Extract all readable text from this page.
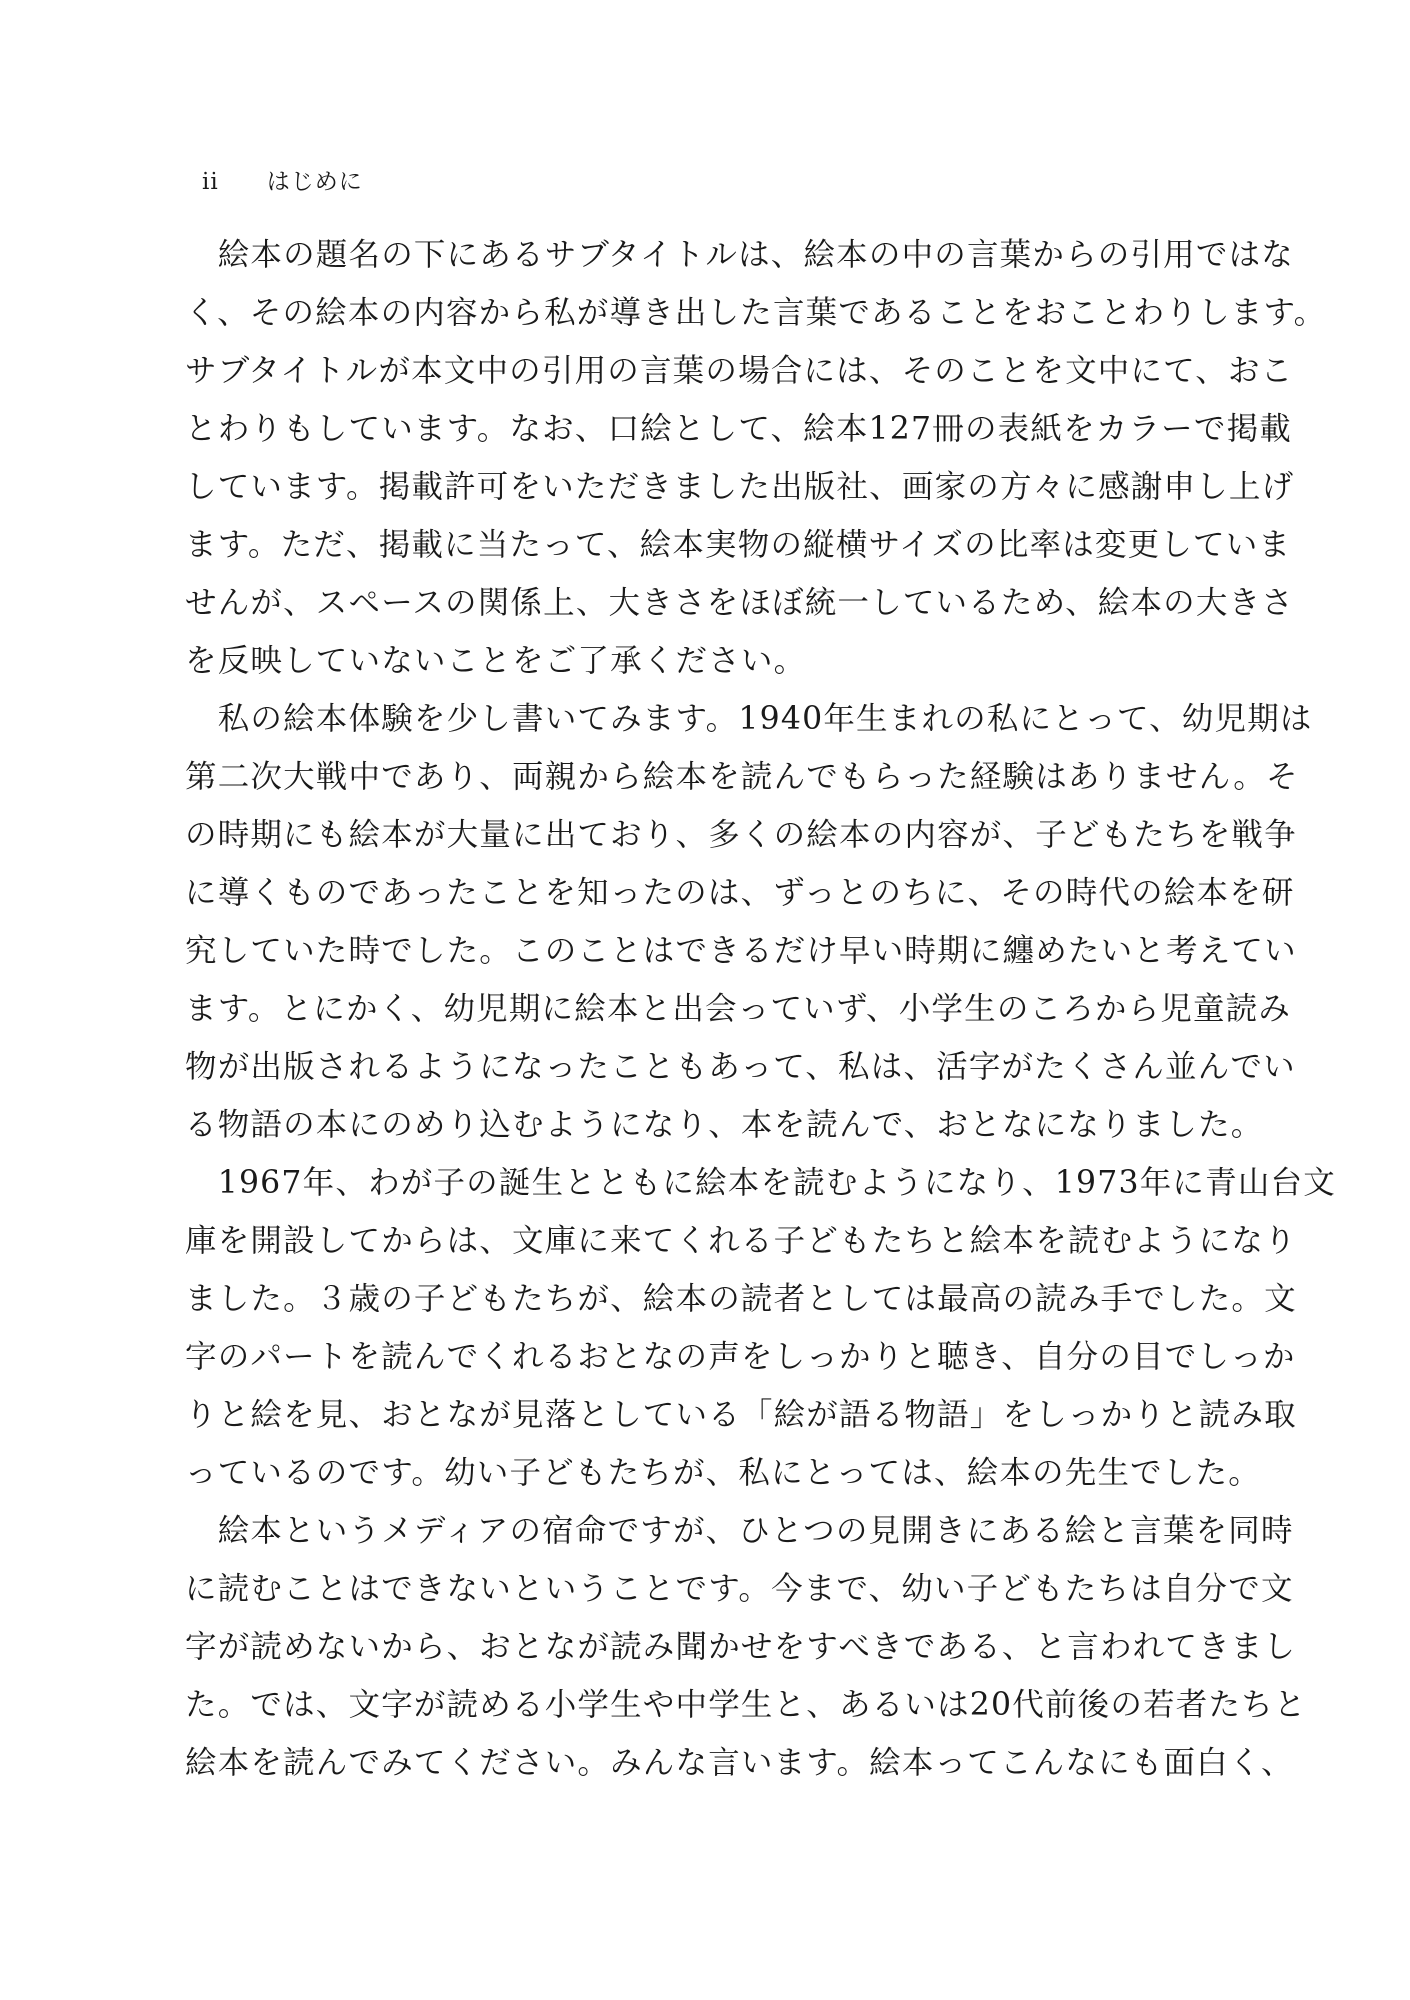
ii はじめに
　絵本の題名の下にあるサブタイトルは、絵本の中の言葉からの引用ではな
く、その絵本の内容から私が導き出した言葉であることをおことわりします。
サブタイトルが本文中の引用の言葉の場合には、そのことを文中にて、おこ
とわりもしています。なお、口絵として、絵本127冊の表紙をカラーで掲載
しています。掲載許可をいただきました出版社、画家の方々に感謝申し上げ
ます。ただ、掲載に当たって、絵本実物の縦横サイズの比率は変更していま
せんが、スペースの関係上、大きさをほぼ統一しているため、絵本の大きさ
を反映していないことをご了承ください。
　私の絵本体験を少し書いてみます。1940年生まれの私にとって、幼児期は
第二次大戦中であり、両親から絵本を読んでもらった経験はありません。そ
の時期にも絵本が大量に出ており、多くの絵本の内容が、子どもたちを戦争
に導くものであったことを知ったのは、ずっとのちに、その時代の絵本を研
究していた時でした。このことはできるだけ早い時期に纏めたいと考えてい
ます。とにかく、幼児期に絵本と出会っていず、小学生のころから児童読み
物が出版されるようになったこともあって、私は、活字がたくさん並んでい
る物語の本にのめり込むようになり、本を読んで、おとなになりました。
　1967年、わが子の誕生とともに絵本を読むようになり、1973年に青山台文
庫を開設してからは、文庫に来てくれる子どもたちと絵本を読むようになり
ました。３歳の子どもたちが、絵本の読者としては最高の読み手でした。文
字のパートを読んでくれるおとなの声をしっかりと聴き、自分の目でしっか
りと絵を見、おとなが見落としている「絵が語る物語」をしっかりと読み取
っているのです。幼い子どもたちが、私にとっては、絵本の先生でした。
　絵本というメディアの宿命ですが、ひとつの見開きにある絵と言葉を同時
に読むことはできないということです。今まで、幼い子どもたちは自分で文
字が読めないから、おとなが読み聞かせをすべきである、と言われてきまし
た。では、文字が読める小学生や中学生と、あるいは20代前後の若者たちと
絵本を読んでみてください。みんな言います。絵本ってこんなにも面白く、
